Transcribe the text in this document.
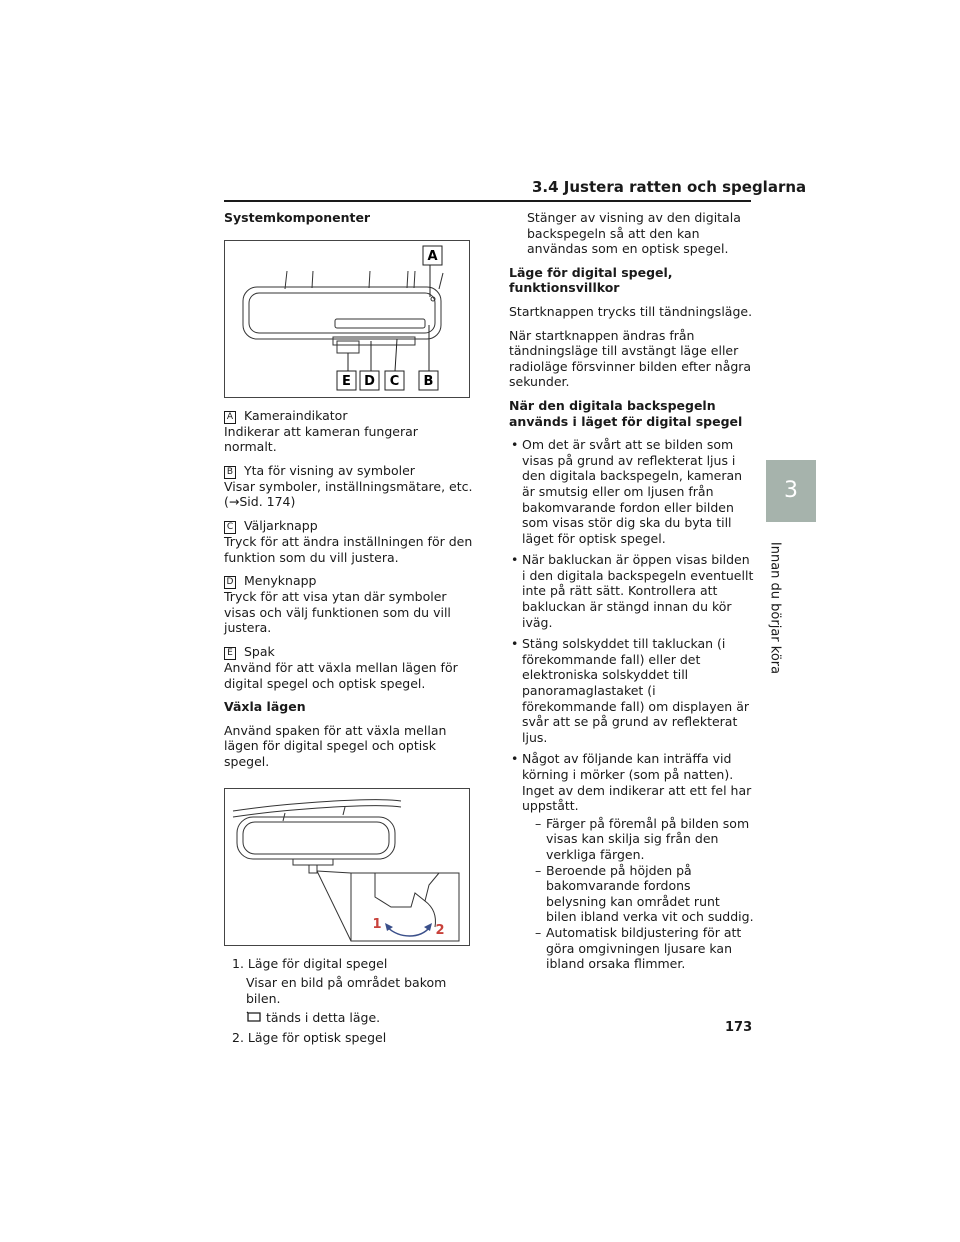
3.4 Justera ratten och speglarna

Systemkomponenter

A
E D C B

A Kameraindikator

Indikerar att kameran fungerar normalt.

B Yta för visning av symboler

Visar symboler, inställningsmätare, etc. (→Sid. 174)

C Väljarknapp

Tryck för att ändra inställningen för den funktion som du vill justera.

D Menyknapp

Tryck för att visa ytan där symboler visas och välj funktionen som du vill justera.

E Spak

Använd för att växla mellan lägen för digital spegel och optisk spegel.

Växla lägen

Använd spaken för att växla mellan lägen för digital spegel och optisk spegel.

1	2
1. Läge för digital spegel
Visar en bild på området bakom bilen.
tänds i detta läge.
2. Läge för optisk spegel

Stänger av visning av den digitala backspegeln så att den kan användas som en optisk spegel.

Läge för digital spegel, funktionsvillkor

Startknappen trycks till tändningsläge.

När startknappen ändras från tändningsläge till avstängt läge eller radioläge försvinner bilden efter några sekunder.

När den digitala backspegeln används i läget för digital spegel

• Om det är svårt att se bilden som visas på grund av reflekterat ljus i den digitala backspegeln, kameran är smutsig eller om ljusen från bakomvarande fordon eller bilden som visas stör dig ska du byta till läget för optisk spegel.
• När bakluckan är öppen visas bilden i den digitala backspegeln eventuellt inte på rätt sätt. Kontrollera att bakluckan är stängd innan du kör iväg.
• Stäng solskyddet till takluckan (i förekommande fall) eller det elektroniska solskyddet till panoramaglastaket (i förekommande fall) om displayen är svår att se på grund av reflekterat ljus.
• Något av följande kan inträffa vid körning i mörker (som på natten). Inget av dem indikerar att ett fel har uppstått.
– Färger på föremål på bilden som visas kan skilja sig från den verkliga färgen.
– Beroende på höjden på bakomvarande fordons belysning kan området runt bilen ibland verka vit och suddig.
– Automatisk bildjustering för att göra omgivningen ljusare kan ibland orsaka flimmer.
3
Innan du börjar köra
173
